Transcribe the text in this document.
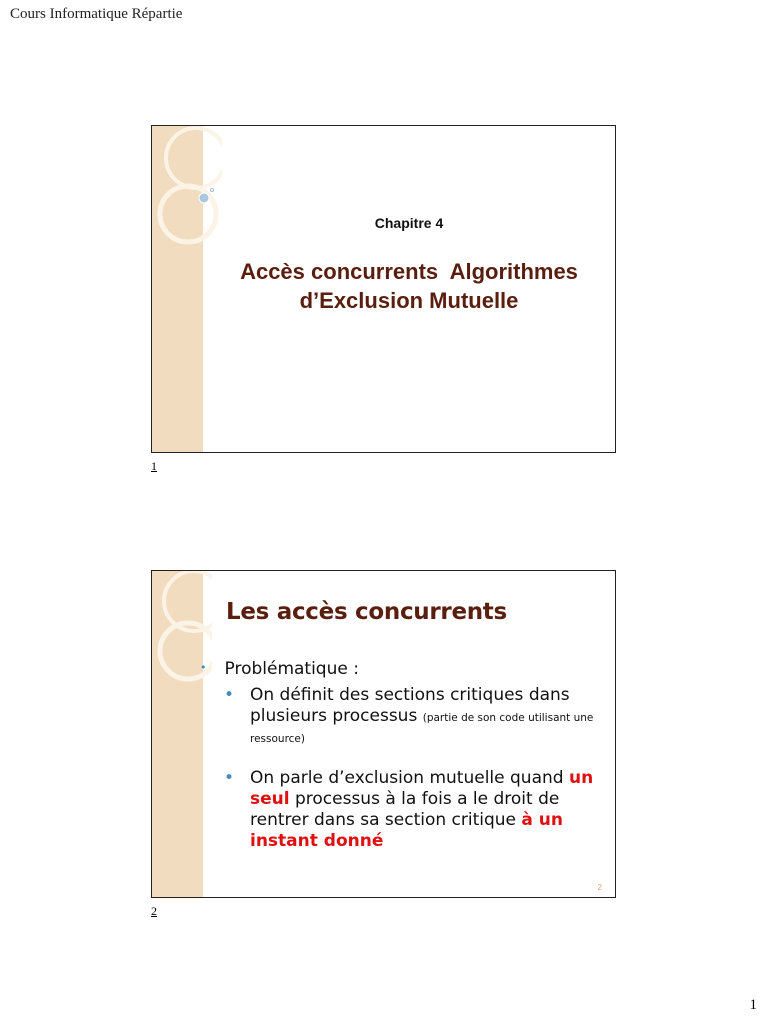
Cours Informatique Répartie
Chapitre 4
Accès concurrents  Algorithmes
d’Exclusion Mutuelle
1
Les accès concurrents
• Problématique :
• On définit des sections critiques dans plusieurs processus (partie de son code utilisant une ressource)
• On parle d’exclusion mutuelle quand un seul processus à la fois a le droit de rentrer dans sa section critique à un instant donné
2
2
1
